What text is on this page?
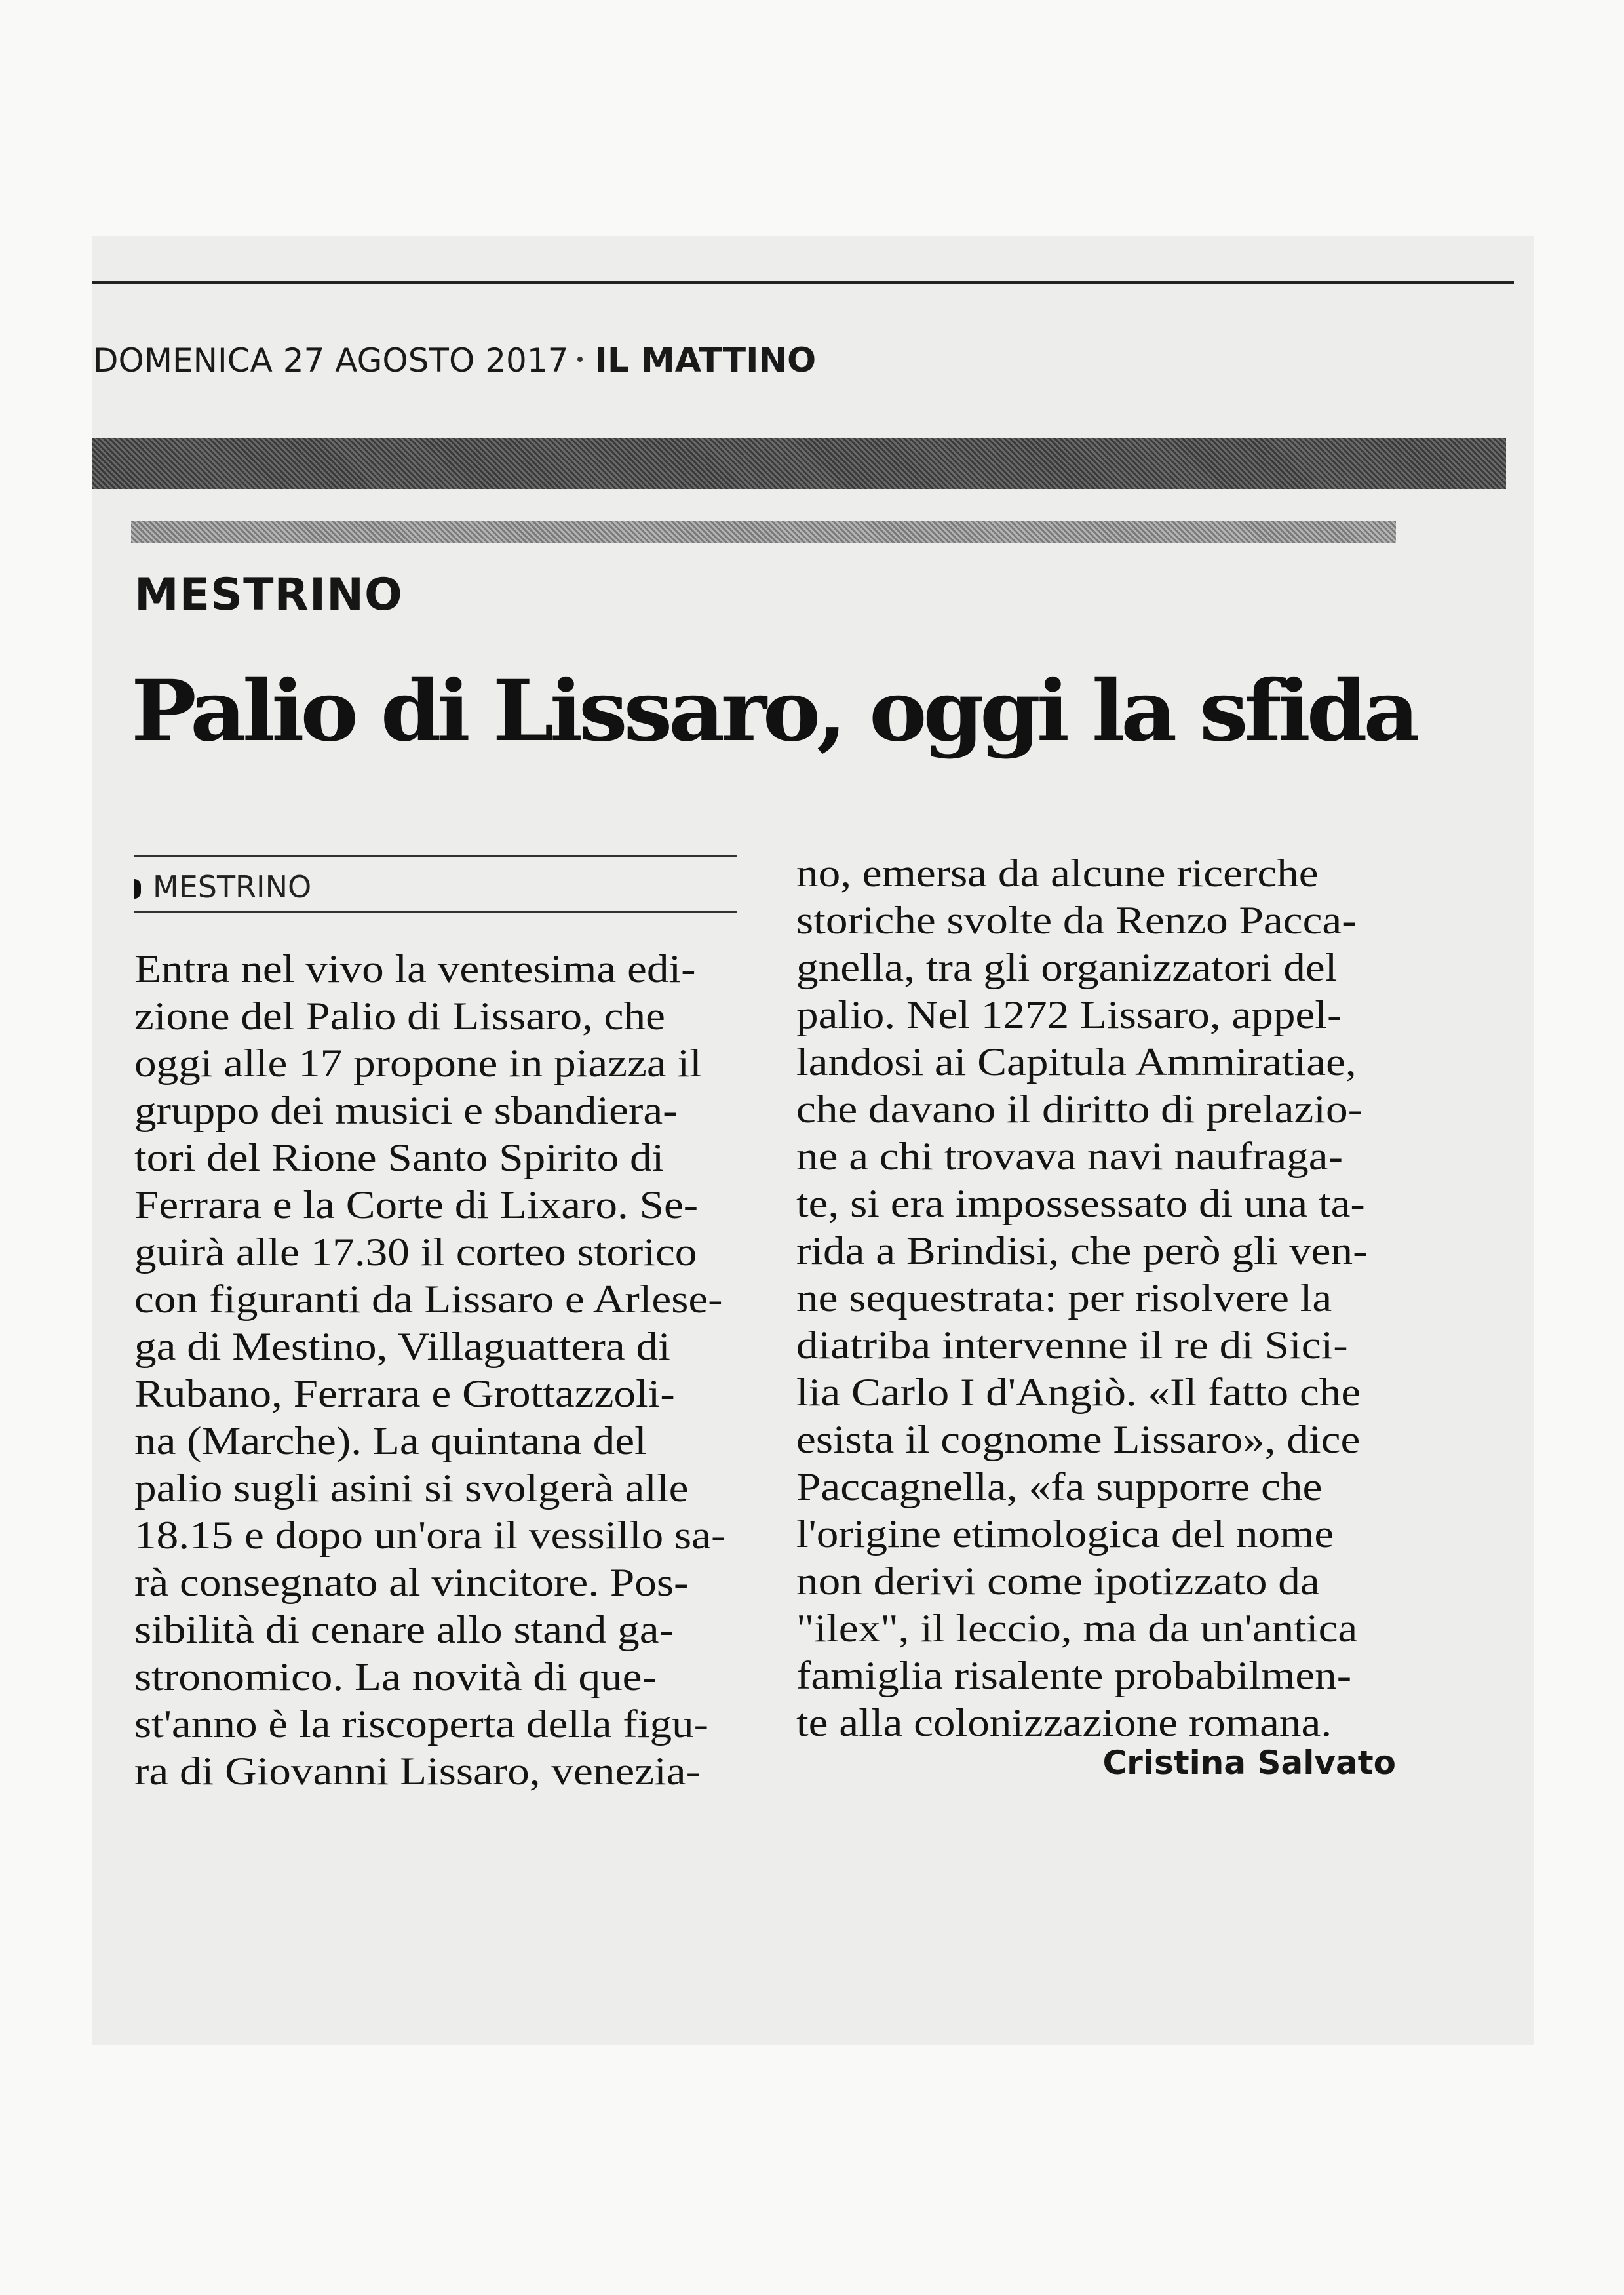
DOMENICA 27 AGOSTO 2017 IL MATTINO
MESTRINO
Palio di Lissaro, oggi la sfida
MESTRINO
Entra nel vivo la ventesima edi-
zione del Palio di Lissaro, che
oggi alle 17 propone in piazza il
gruppo dei musici e sbandiera-
tori del Rione Santo Spirito di
Ferrara e la Corte di Lixaro. Se-
guirà alle 17.30 il corteo storico
con figuranti da Lissaro e Arlese-
ga di Mestino, Villaguattera di
Rubano, Ferrara e Grottazzoli-
na (Marche). La quintana del
palio sugli asini si svolgerà alle
18.15 e dopo un'ora il vessillo sa-
rà consegnato al vincitore. Pos-
sibilità di cenare allo stand ga-
stronomico. La novità di que-
st'anno è la riscoperta della figu-
ra di Giovanni Lissaro, venezia-
no, emersa da alcune ricerche
storiche svolte da Renzo Pacca-
gnella, tra gli organizzatori del
palio. Nel 1272 Lissaro, appel-
landosi ai Capitula Ammiratiae,
che davano il diritto di prelazio-
ne a chi trovava navi naufraga-
te, si era impossessato di una ta-
rida a Brindisi, che però gli ven-
ne sequestrata: per risolvere la
diatriba intervenne il re di Sici-
lia Carlo I d'Angiò. «Il fatto che
esista il cognome Lissaro», dice
Paccagnella, «fa supporre che
l'origine etimologica del nome
non derivi come ipotizzato da
"ilex", il leccio, ma da un'antica
famiglia risalente probabilmen-
te alla colonizzazione romana.
Cristina Salvato
